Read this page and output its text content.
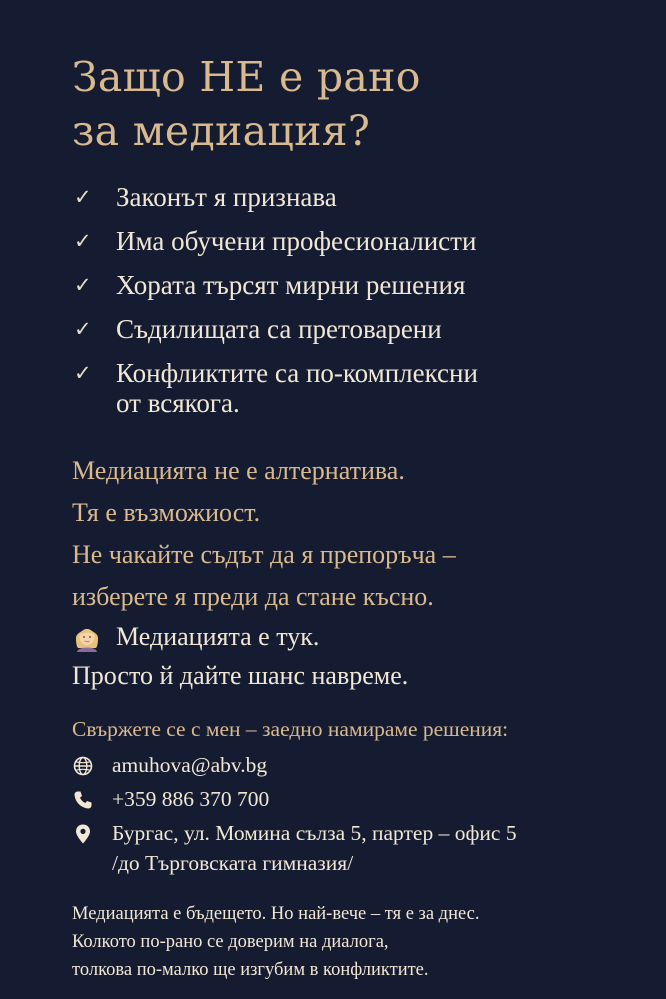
Защо НЕ е рано
за медиация?
✓ Законът я признава
✓ Има обучени професионалисти
✓ Хората търсят мирни решения
✓ Съдилищата са претоварени
✓ Конфликтите са по-комплексни
от всякога.
Медиацията не е алтернатива.
Тя е възможиост.
Не чакайте съдът да я препоръча –
изберете я преди да стане късно.
Медиацията е тук.
Просто й дайте шанс навреме.
Свържете се с мен – заедно намираме решения:
amuhova@abv.bg
+359 886 370 700
Бургас, ул. Момина сълза 5, партер – офис 5
/до Търговската гимназия/
Медиацията е бъдещето. Но най-вече – тя е за днес.
Колкото по-рано се доверим на диалога,
толкова по-малко ще изгубим в конфликтите.
